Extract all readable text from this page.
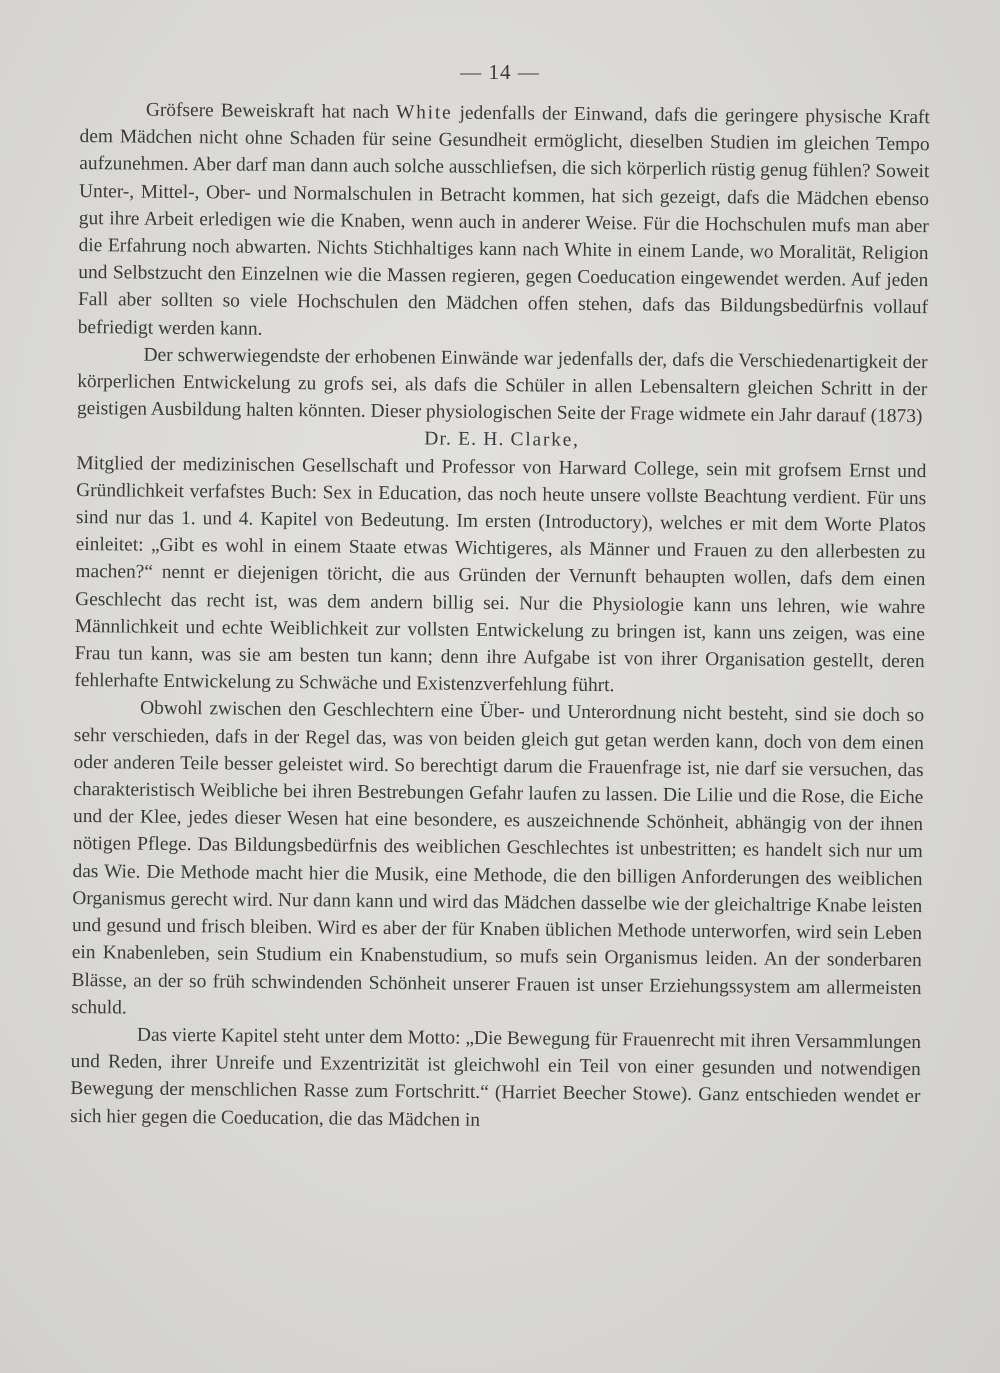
— 14 —

Gröfsere Beweiskraft hat nach White jedenfalls der Einwand, dafs die geringere physische Kraft dem Mädchen nicht ohne Schaden für seine Gesundheit ermöglicht, dieselben Studien im gleichen Tempo aufzunehmen. Aber darf man dann auch solche ausschliefsen, die sich körperlich rüstig genug fühlen? Soweit Unter-, Mittel-, Ober- und Normalschulen in Betracht kommen, hat sich gezeigt, dafs die Mädchen ebenso gut ihre Arbeit erledigen wie die Knaben, wenn auch in anderer Weise. Für die Hochschulen mufs man aber die Erfahrung noch abwarten. Nichts Stichhaltiges kann nach White in einem Lande, wo Moralität, Religion und Selbstzucht den Einzelnen wie die Massen regieren, gegen Coeducation eingewendet werden. Auf jeden Fall aber sollten so viele Hochschulen den Mädchen offen stehen, dafs das Bildungsbedürfnis vollauf befriedigt werden kann.

Der schwerwiegendste der erhobenen Einwände war jedenfalls der, dafs die Verschiedenartigkeit der körperlichen Entwickelung zu grofs sei, als dafs die Schüler in allen Lebensaltern gleichen Schritt in der geistigen Ausbildung halten könnten. Dieser physiologischen Seite der Frage widmete ein Jahr darauf (1873)

Dr. E. H. Clarke,

Mitglied der medizinischen Gesellschaft und Professor von Harward College, sein mit grofsem Ernst und Gründlichkeit verfafstes Buch: Sex in Education, das noch heute unsere vollste Beachtung verdient. Für uns sind nur das 1. und 4. Kapitel von Bedeutung. Im ersten (Introductory), welches er mit dem Worte Platos einleitet: „Gibt es wohl in einem Staate etwas Wichtigeres, als Männer und Frauen zu den allerbesten zu machen?“ nennt er diejenigen töricht, die aus Gründen der Vernunft behaupten wollen, dafs dem einen Geschlecht das recht ist, was dem andern billig sei. Nur die Physiologie kann uns lehren, wie wahre Männlichkeit und echte Weiblichkeit zur vollsten Entwickelung zu bringen ist, kann uns zeigen, was eine Frau tun kann, was sie am besten tun kann; denn ihre Aufgabe ist von ihrer Organisation gestellt, deren fehlerhafte Entwickelung zu Schwäche und Existenzverfehlung führt.

Obwohl zwischen den Geschlechtern eine Über- und Unterordnung nicht besteht, sind sie doch so sehr verschieden, dafs in der Regel das, was von beiden gleich gut getan werden kann, doch von dem einen oder anderen Teile besser geleistet wird. So berechtigt darum die Frauenfrage ist, nie darf sie versuchen, das charakteristisch Weibliche bei ihren Bestrebungen Gefahr laufen zu lassen. Die Lilie und die Rose, die Eiche und der Klee, jedes dieser Wesen hat eine besondere, es auszeichnende Schönheit, abhängig von der ihnen nötigen Pflege. Das Bildungsbedürfnis des weiblichen Geschlechtes ist unbestritten; es handelt sich nur um das Wie. Die Methode macht hier die Musik, eine Methode, die den billigen Anforderungen des weiblichen Organismus gerecht wird. Nur dann kann und wird das Mädchen dasselbe wie der gleichaltrige Knabe leisten und gesund und frisch bleiben. Wird es aber der für Knaben üblichen Methode unterworfen, wird sein Leben ein Knabenleben, sein Studium ein Knabenstudium, so mufs sein Organismus leiden. An der sonderbaren Blässe, an der so früh schwindenden Schönheit unserer Frauen ist unser Erziehungssystem am allermeisten schuld.

Das vierte Kapitel steht unter dem Motto: „Die Bewegung für Frauenrecht mit ihren Versammlungen und Reden, ihrer Unreife und Exzentrizität ist gleichwohl ein Teil von einer gesunden und notwendigen Bewegung der menschlichen Rasse zum Fortschritt.“ (Harriet Beecher Stowe). Ganz entschieden wendet er sich hier gegen die Coeducation, die das Mädchen in
